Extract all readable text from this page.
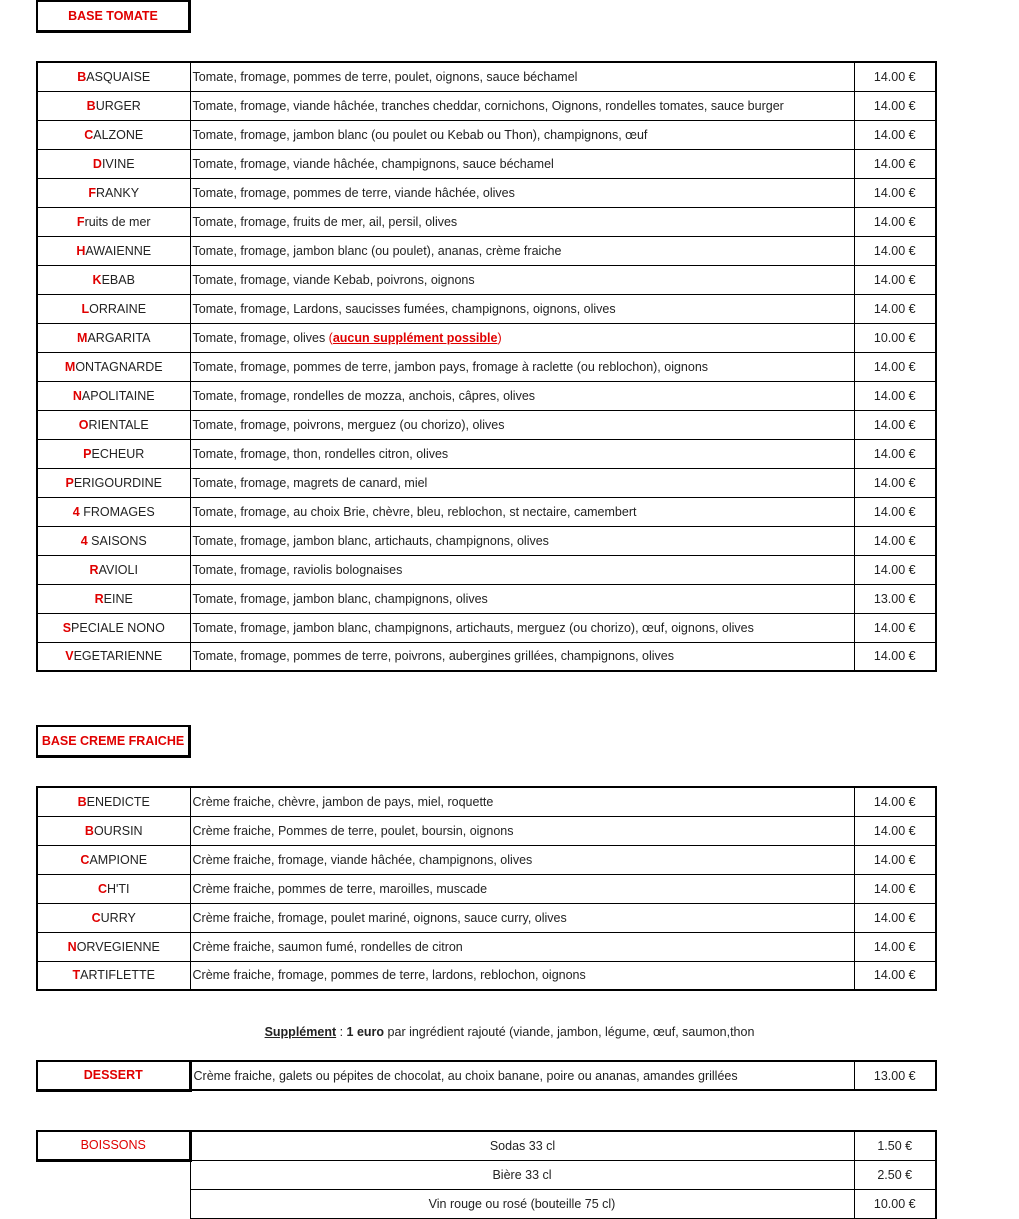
BASE TOMATE
BASQUAISE	Tomate, fromage, pommes de terre, poulet, oignons, sauce béchamel	14.00 €
BURGER	Tomate, fromage, viande hâchée, tranches cheddar, cornichons, Oignons, rondelles tomates, sauce burger	14.00 €
CALZONE	Tomate, fromage, jambon blanc (ou poulet ou Kebab ou Thon), champignons, œuf	14.00 €
DIVINE	Tomate, fromage, viande hâchée, champignons, sauce béchamel	14.00 €
FRANKY	Tomate, fromage, pommes de terre, viande hâchée, olives	14.00 €
Fruits de mer	Tomate, fromage, fruits de mer, ail, persil, olives	14.00 €
HAWAIENNE	Tomate, fromage, jambon blanc (ou poulet), ananas, crème fraiche	14.00 €
KEBAB	Tomate, fromage, viande Kebab, poivrons, oignons	14.00 €
LORRAINE	Tomate, fromage, Lardons, saucisses fumées, champignons, oignons, olives	14.00 €
MARGARITA	Tomate, fromage, olives (aucun supplément possible)	10.00 €
MONTAGNARDE	Tomate, fromage, pommes de terre, jambon pays, fromage à raclette (ou reblochon), oignons	14.00 €
NAPOLITAINE	Tomate, fromage, rondelles de mozza, anchois, câpres, olives	14.00 €
ORIENTALE	Tomate, fromage, poivrons, merguez (ou chorizo), olives	14.00 €
PECHEUR	Tomate, fromage, thon, rondelles citron, olives	14.00 €
PERIGOURDINE	Tomate, fromage, magrets de canard, miel	14.00 €
4 FROMAGES	Tomate, fromage, au choix Brie, chèvre, bleu, reblochon, st nectaire, camembert	14.00 €
4 SAISONS	Tomate, fromage, jambon blanc, artichauts, champignons, olives	14.00 €
RAVIOLI	Tomate, fromage, raviolis bolognaises	14.00 €
REINE	Tomate, fromage, jambon blanc, champignons, olives	13.00 €
SPECIALE NONO	Tomate, fromage, jambon blanc, champignons, artichauts, merguez (ou chorizo), œuf, oignons, olives	14.00 €
VEGETARIENNE	Tomate, fromage, pommes de terre, poivrons, aubergines grillées, champignons, olives	14.00 €
BASE CREME FRAICHE
BENEDICTE	Crème fraiche, chèvre, jambon de pays, miel, roquette	14.00 €
BOURSIN	Crème fraiche, Pommes de terre, poulet, boursin, oignons	14.00 €
CAMPIONE	Crème fraiche, fromage, viande hâchée, champignons, olives	14.00 €
CH'TI	Crème fraiche, pommes de terre, maroilles, muscade	14.00 €
CURRY	Crème fraiche, fromage, poulet mariné, oignons, sauce curry, olives	14.00 €
NORVEGIENNE	Crème fraiche, saumon fumé, rondelles de citron	14.00 €
TARTIFLETTE	Crème fraiche, fromage, pommes de terre, lardons, reblochon, oignons	14.00 €
Supplément : 1 euro par ingrédient rajouté (viande, jambon, légume, œuf, saumon,thon
DESSERT	Crème fraiche, galets ou pépites de chocolat, au choix banane, poire ou ananas, amandes grillées	13.00 €
BOISSONS	Sodas 33 cl	1.50 €
	Bière 33 cl	2.50 €
	Vin rouge ou rosé (bouteille 75 cl)	10.00 €
